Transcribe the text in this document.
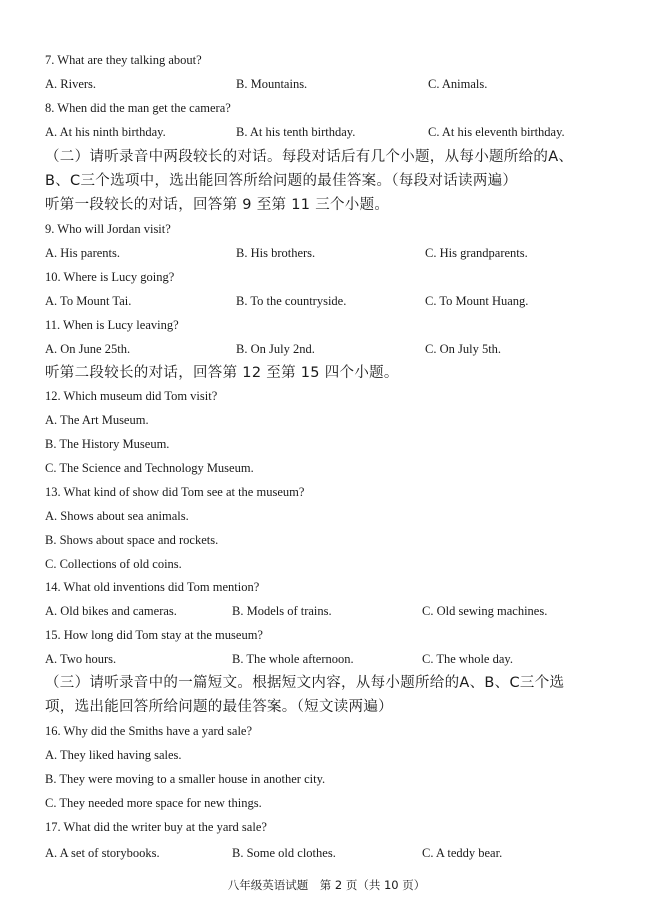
7. What are they talking about?
A. Rivers.	B. Mountains.	C. Animals.
8. When did the man get the camera?
A. At his ninth birthday.	B. At his tenth birthday.	C. At his eleventh birthday.
（二）请听录音中两段较长的对话。每段对话后有几个小题，从每小题所给的A、
B、C三个选项中，选出能回答所给问题的最佳答案。（每段对话读两遍）
听第一段较长的对话，回答第 9 至第 11 三个小题。
9. Who will Jordan visit?
A. His parents.	B. His brothers.	C. His grandparents.
10. Where is Lucy going?
A. To Mount Tai.	B. To the countryside.	C. To Mount Huang.
11. When is Lucy leaving?
A. On June 25th.	B. On July 2nd.	C. On July 5th.
听第二段较长的对话，回答第 12 至第 15 四个小题。
12. Which museum did Tom visit?
A. The Art Museum.
B. The History Museum.
C. The Science and Technology Museum.
13. What kind of show did Tom see at the museum?
A. Shows about sea animals.
B. Shows about space and rockets.
C. Collections of old coins.
14. What old inventions did Tom mention?
A. Old bikes and cameras.	B. Models of trains.	C. Old sewing machines.
15. How long did Tom stay at the museum?
A. Two hours.	B. The whole afternoon.	C. The whole day.
（三）请听录音中的一篇短文。根据短文内容，从每小题所给的A、B、C三个选
项，选出能回答所给问题的最佳答案。（短文读两遍）
16. Why did the Smiths have a yard sale?
A. They liked having sales.
B. They were moving to a smaller house in another city.
C. They needed more space for new things.
17. What did the writer buy at the yard sale?
A. A set of storybooks.	B. Some old clothes.	C. A teddy bear.
八年级英语试题　第 2 页（共 10 页）
